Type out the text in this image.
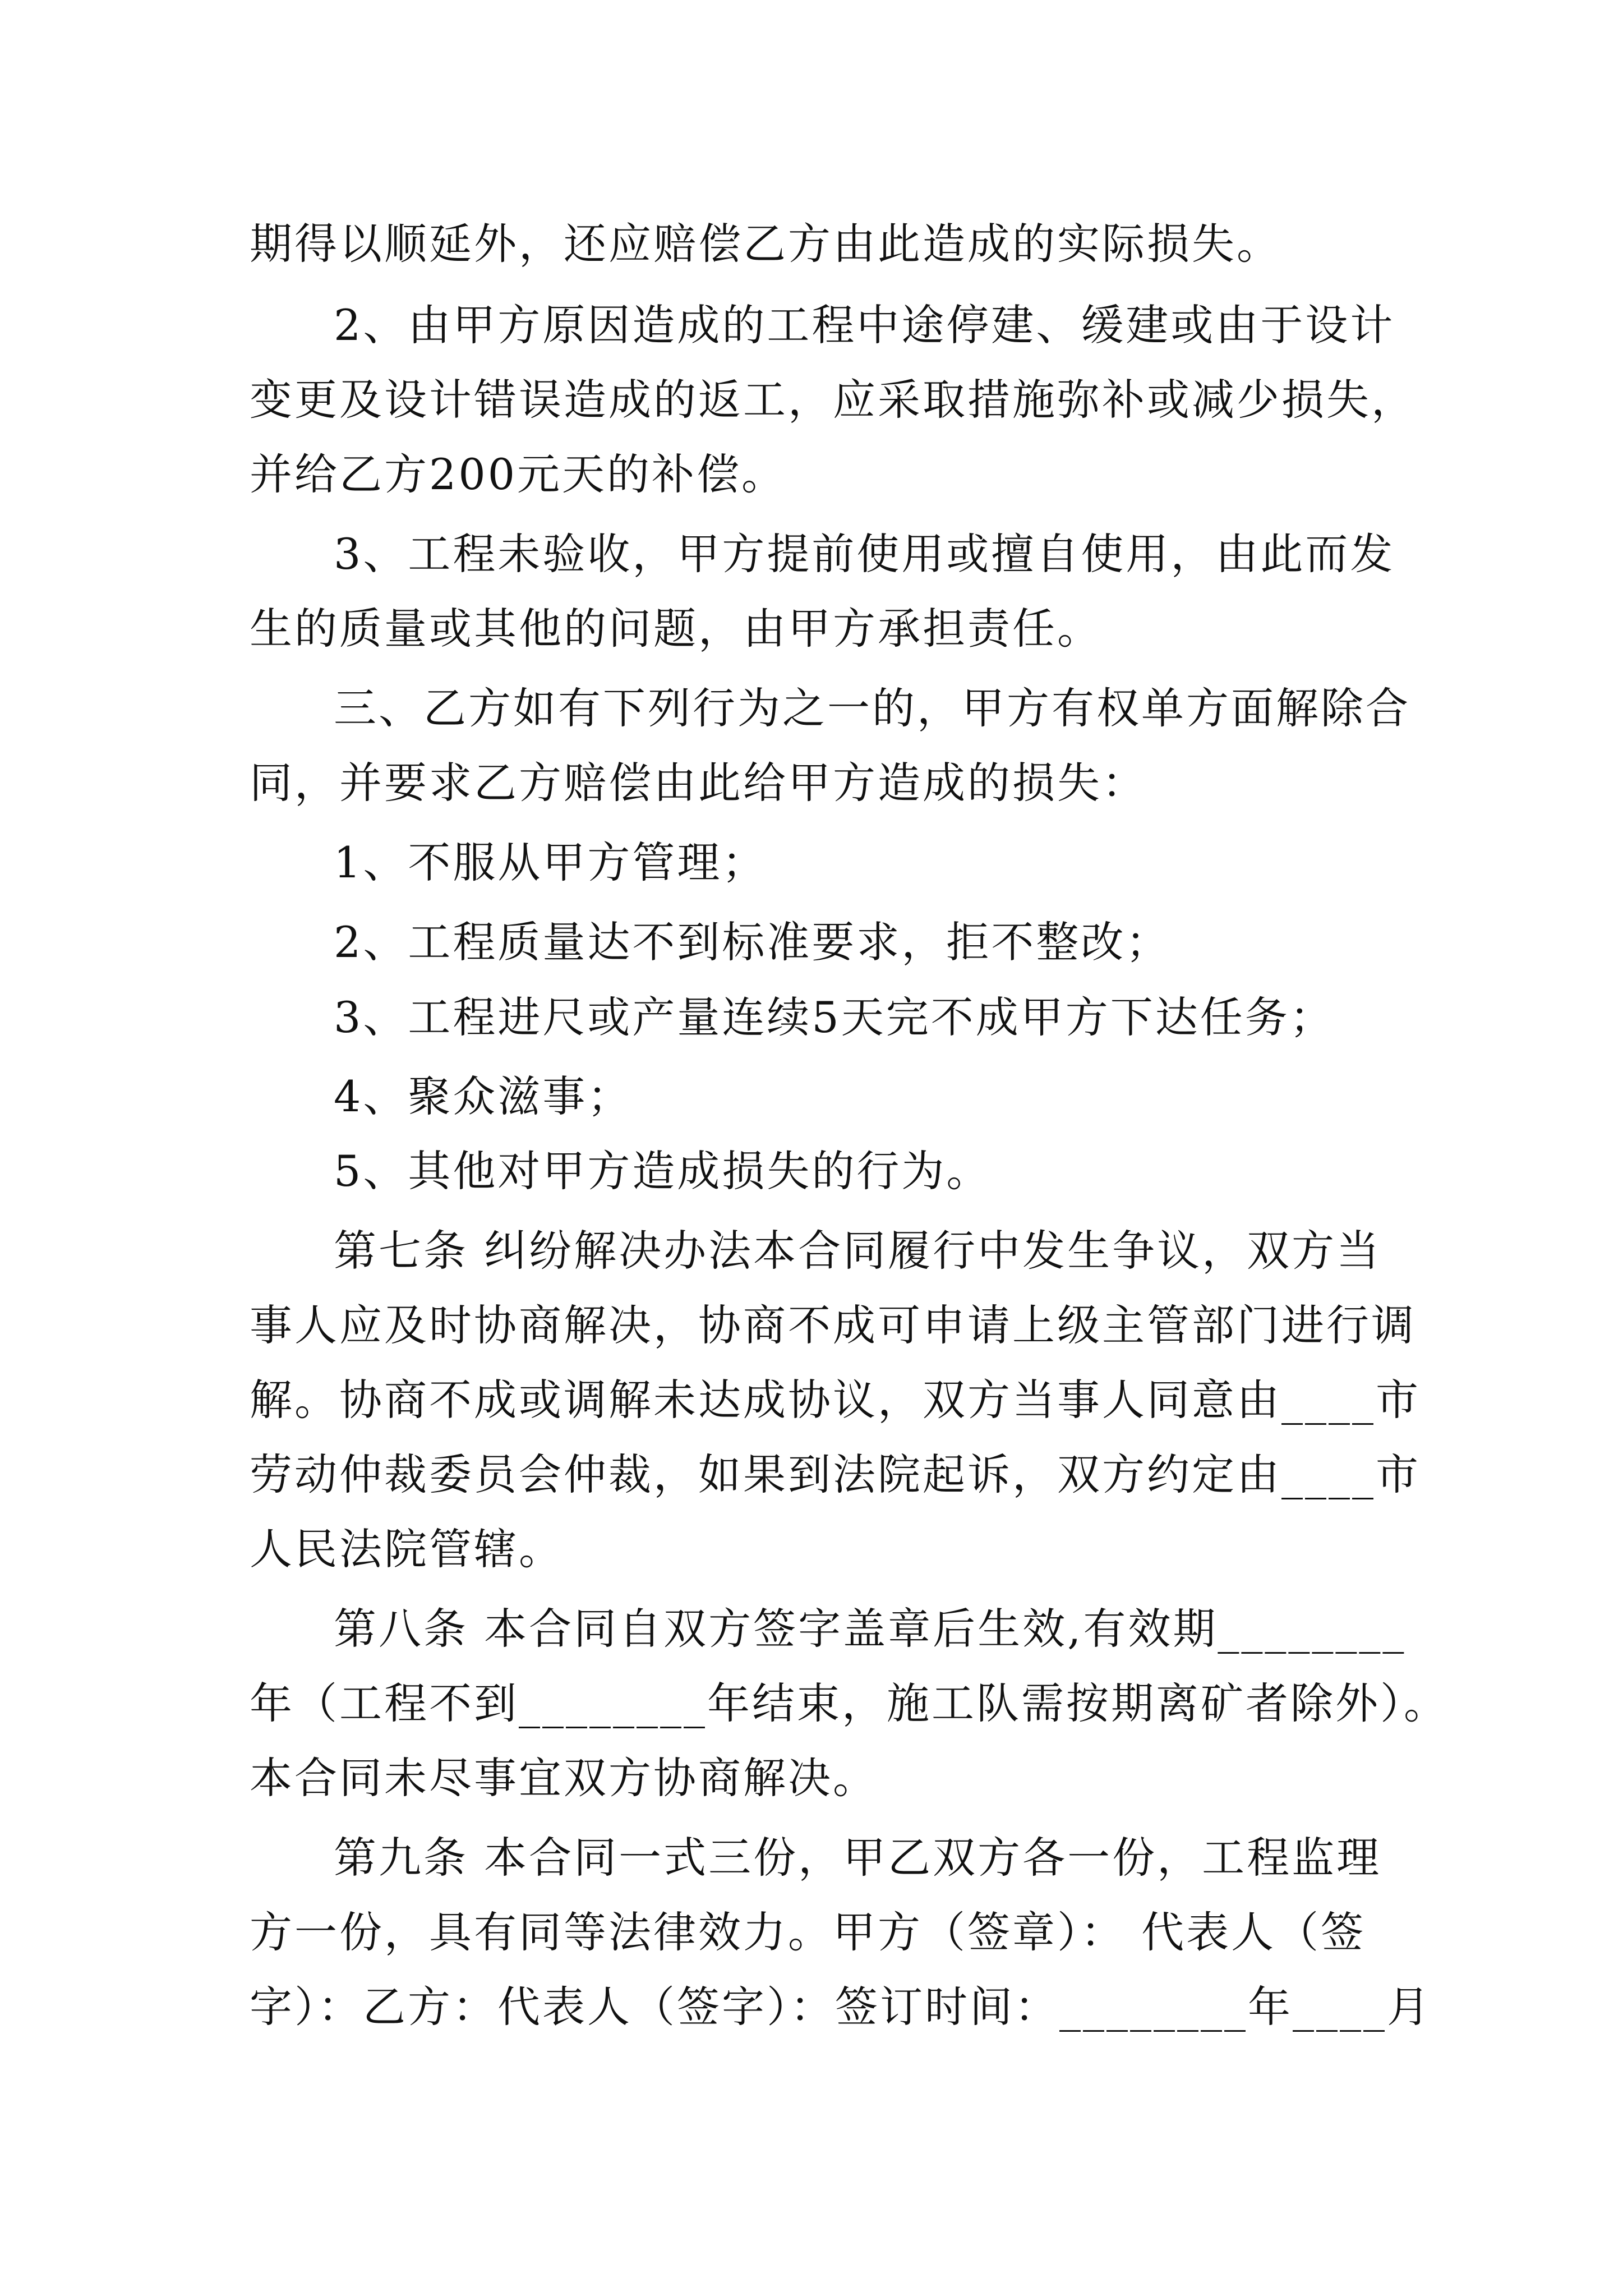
期得以顺延外，还应赔偿乙方由此造成的实际损失。
2、由甲方原因造成的工程中途停建、缓建或由于设计
变更及设计错误造成的返工，应采取措施弥补或减少损失，
并给乙方200元天的补偿。
3、工程未验收，甲方提前使用或擅自使用，由此而发
生的质量或其他的问题，由甲方承担责任。
三、乙方如有下列行为之一的，甲方有权单方面解除合
同，并要求乙方赔偿由此给甲方造成的损失：
1、不服从甲方管理；
2、工程质量达不到标准要求，拒不整改；
3、工程进尺或产量连续5天完不成甲方下达任务；
4、聚众滋事；
5、其他对甲方造成损失的行为。
第七条 纠纷解决办法本合同履行中发生争议，双方当
事人应及时协商解决，协商不成可申请上级主管部门进行调
解。协商不成或调解未达成协议，双方当事人同意由____市
劳动仲裁委员会仲裁，如果到法院起诉，双方约定由____市
人民法院管辖。
第八条 本合同自双方签字盖章后生效,有效期________
年（工程不到________年结束，施工队需按期离矿者除外）。
本合同未尽事宜双方协商解决。
第九条 本合同一式三份，甲乙双方各一份，工程监理
方一份，具有同等法律效力。甲方（签章）： 代表人（签
字）：乙方：代表人（签字）：签订时间：________年____月
